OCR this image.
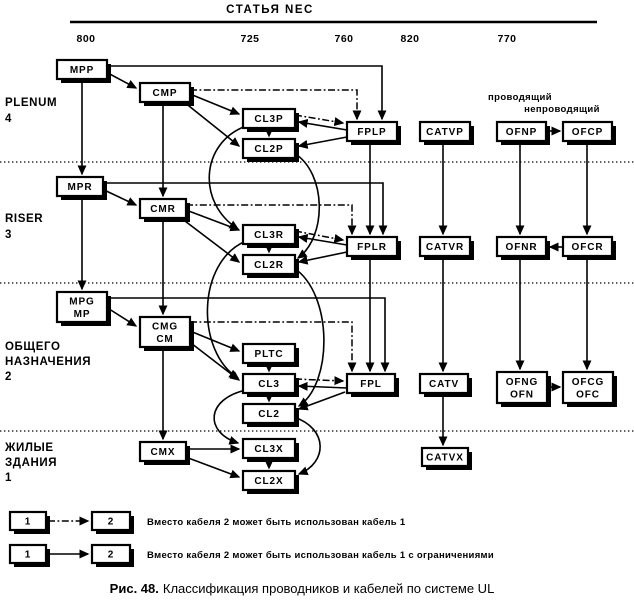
СТАТЬЯ NEC
800	725	760	820	770
PLENUM 4
RISER 3
ОБЩЕГО НАЗНАЧЕНИЯ 2
ЖИЛЫЕ ЗДАНИЯ 1
проводящий
непроводящий
MPP
CMP
CL3P
CL2P
FPLP	CATVP	OFNP	OFCP
MPR
CMR
CL3R
CL2R
FPLR	CATVR	OFNR	OFCR
MPG MP
CMG CM
PLTC
CL3
CL2
FPL	CATV	OFNG OFN
OFCG OFC
CMX	CL3X
CL2X
CATVX
1	2	Вместо кабеля 2 может быть использован кабель 1
1	2	Вместо кабеля 2 может быть использован кабель 1 с ограничениями
Рис. 48. Классификация проводников и кабелей по системе UL
